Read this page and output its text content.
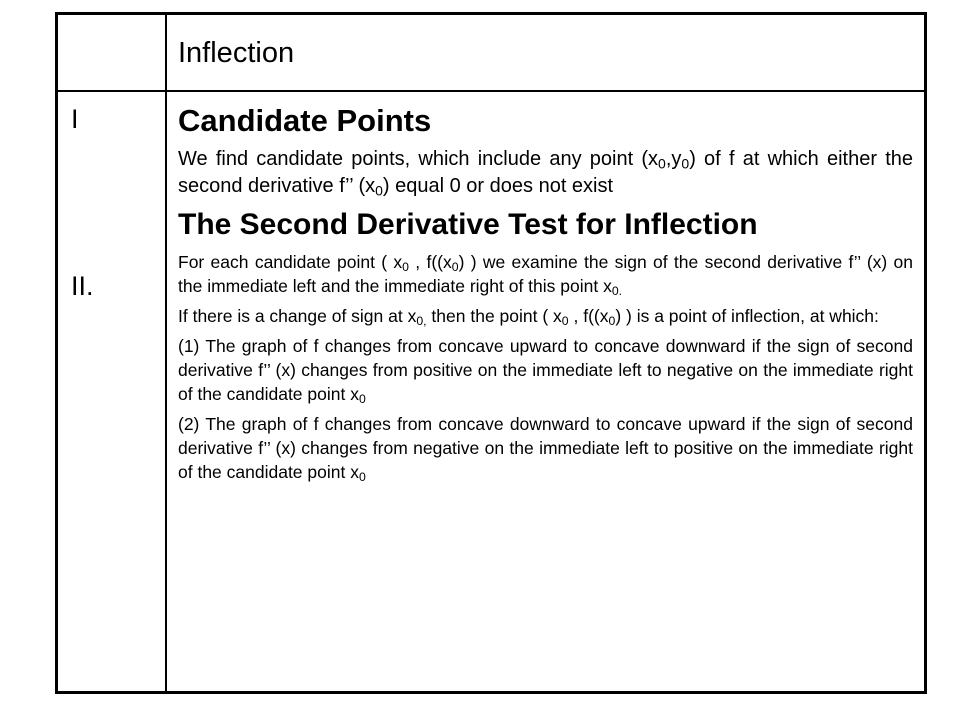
Inflection
I
II.
Candidate Points

We find candidate points, which include any point $(x_0,y_0)$ of f at which either the second derivative f’’ $(x_0)$ equal 0 or does not exist

The Second Derivative Test for Inflection

For each candidate point ( $x_0$ , $f((x_0)$ ) we examine the sign of the second derivative f’’ (x) on the immediate left and the immediate right of this point $x_{0.}$

If there is a change of sign at $x_{0,}$ then the point ( $x_0$ , $f((x_0)$ ) is a point of inflection, at which:

(1) The graph of f changes from concave upward to concave downward if the sign of second derivative f’’ (x) changes from positive on the immediate left to negative on the immediate right of the candidate point $x_0$

(2) The graph of f changes from concave downward to concave upward if the sign of second derivative f’’ (x) changes from negative on the immediate left to positive on the immediate right of the candidate point $x_0$
